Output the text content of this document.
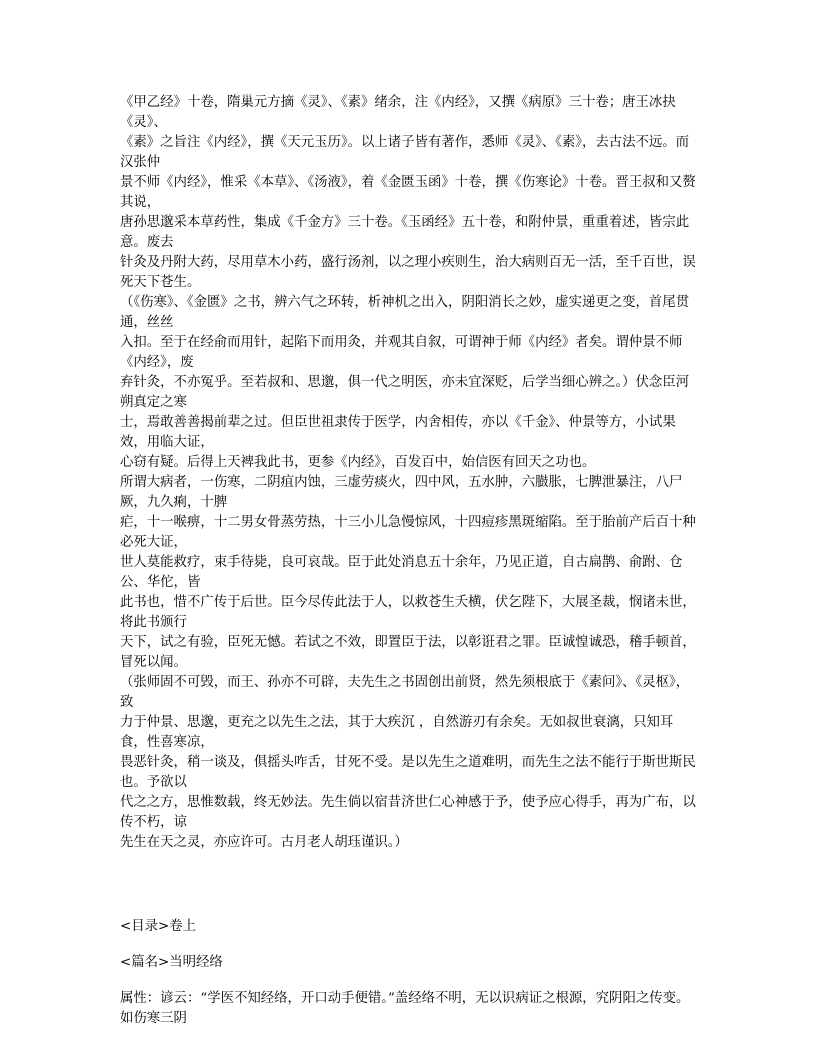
《甲乙经》十卷，隋巢元方摘《灵》、《素》绪余，注《内经》，又撰《病原》三十卷；唐王冰抉《灵》、

《素》之旨注《内经》，撰《天元玉历》。以上诸子皆有著作，悉师《灵》、《素》，去古法不远。而汉张仲

景不师《内经》，惟采《本草》、《汤液》，着《金匮玉函》十卷，撰《伤寒论》十卷。晋王叔和又赘其说，

唐孙思邈采本草药性，集成《千金方》三十卷。《玉函经》五十卷，和附仲景，重重着述，皆宗此意。废去

针灸及丹附大药，尽用草木小药，盛行汤剂，以之理小疾则生，治大病则百无一活，至千百世，误死天下苍生。

（《伤寒》、《金匮》之书，辨六气之环转，析神机之出入，阴阳消长之妙，虚实递更之变，首尾贯通，丝丝

入扣。至于在经俞而用针，起陷下而用灸，并观其自叙，可谓神于师《内经》者矣。谓仲景不师《内经》，废

弃针灸，不亦冤乎。至若叔和、思邈，俱一代之明医，亦未宜深贬，后学当细心辨之。）伏念臣河朔真定之寒

士，焉敢善善揭前辈之过。但臣世祖隶传于医学，内舍相传，亦以《千金》、仲景等方，小试果效，用临大证，

心窃有疑。后得上天裨我此书，更参《内经》，百发百中，始信医有回天之功也。

所谓大病者，一伤寒，二阴疽内蚀，三虚劳痰火，四中风，五水肿，六臌胀，七脾泄暴注，八尸厥，九久痢，十脾

疟，十一喉痹，十二男女骨蒸劳热，十三小儿急慢惊风，十四痘疹黑斑缩陷。至于胎前产后百十种必死大证，

世人莫能救疗，束手待毙，良可哀哉。臣于此处消息五十余年，乃见正道，自古扁鹊、俞跗、仓公、华佗，皆

此书也，惜不广传于后世。臣今尽传此法于人，以救苍生夭横，伏乞陛下，大展圣裁，悯诸未世，将此书颁行

天下，试之有验，臣死无憾。若试之不效，即置臣于法，以彰诳君之罪。臣诚惶诚恐，稽手顿首，冒死以闻。

（张师固不可毁，而王、孙亦不可辟，夫先生之书固创出前贤，然先须根底于《素问》、《灵枢》，致

力于仲景、思邈，更充之以先生之法，其于大疾沉 ，自然游刃有余矣。无如叔世衰漓，只知耳食，性喜寒凉，

畏恶针灸，稍一谈及，俱摇头咋舌，甘死不受。是以先生之道难明，而先生之法不能行于斯世斯民也。予欲以

代之之方，思惟数载，终无妙法。先生倘以宿昔济世仁心神感于予，使予应心得手，再为广布，以传不朽，谅

先生在天之灵，亦应许可。古月老人胡珏谨识。）

<目录>卷上

<篇名>当明经络

属性：谚云：“学医不知经络，开口动手便错。”盖经络不明，无以识病证之根源，究阴阳之传变。如伤寒三阴
